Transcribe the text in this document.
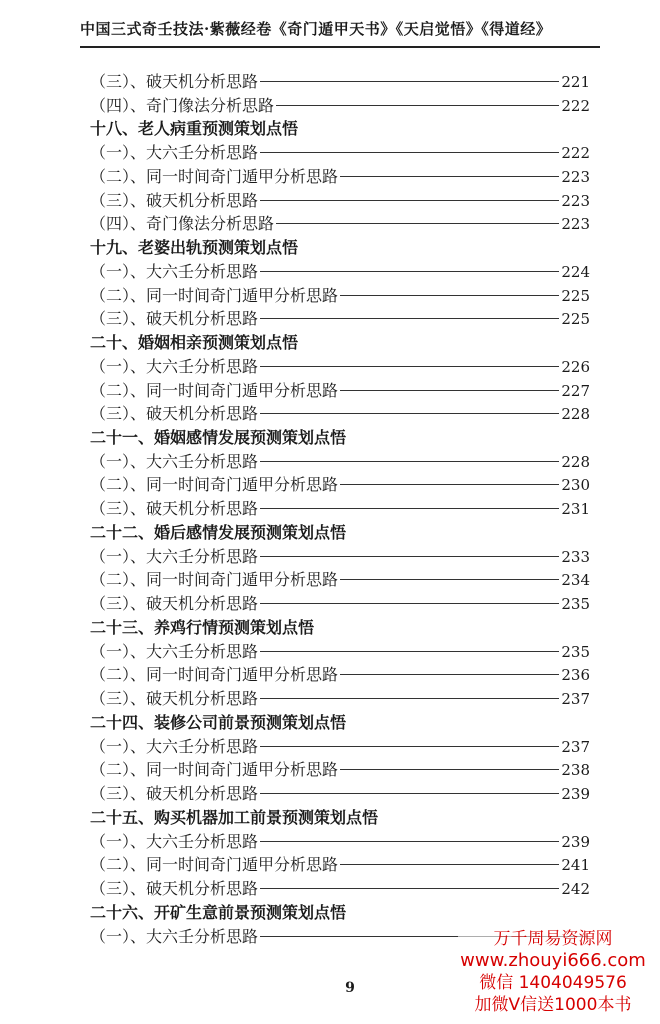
中国三式奇壬技法·紫薇经卷《奇门遁甲天书》《天启觉悟》《得道经》
（三）、破天机分析思路	221
（四）、奇门像法分析思路	222
十八、老人病重预测策划点悟
（一）、大六壬分析思路	222
（二）、同一时间奇门遁甲分析思路	223
（三）、破天机分析思路	223
（四）、奇门像法分析思路	223
十九、老婆出轨预测策划点悟
（一）、大六壬分析思路	224
（二）、同一时间奇门遁甲分析思路	225
（三）、破天机分析思路	225
二十、婚姻相亲预测策划点悟
（一）、大六壬分析思路	226
（二）、同一时间奇门遁甲分析思路	227
（三）、破天机分析思路	228
二十一、婚姻感情发展预测策划点悟
（一）、大六壬分析思路	228
（二）、同一时间奇门遁甲分析思路	230
（三）、破天机分析思路	231
二十二、婚后感情发展预测策划点悟
（一）、大六壬分析思路	233
（二）、同一时间奇门遁甲分析思路	234
（三）、破天机分析思路	235
二十三、养鸡行情预测策划点悟
（一）、大六壬分析思路	235
（二）、同一时间奇门遁甲分析思路	236
（三）、破天机分析思路	237
二十四、装修公司前景预测策划点悟
（一）、大六壬分析思路	237
（二）、同一时间奇门遁甲分析思路	238
（三）、破天机分析思路	239
二十五、购买机器加工前景预测策划点悟
（一）、大六壬分析思路	239
（二）、同一时间奇门遁甲分析思路	241
（三）、破天机分析思路	242
二十六、开矿生意前景预测策划点悟
（一）、大六壬分析思路
9
万千周易资源网
www.zhouyi666.com
微信 1404049576
加微V信送1000本书
